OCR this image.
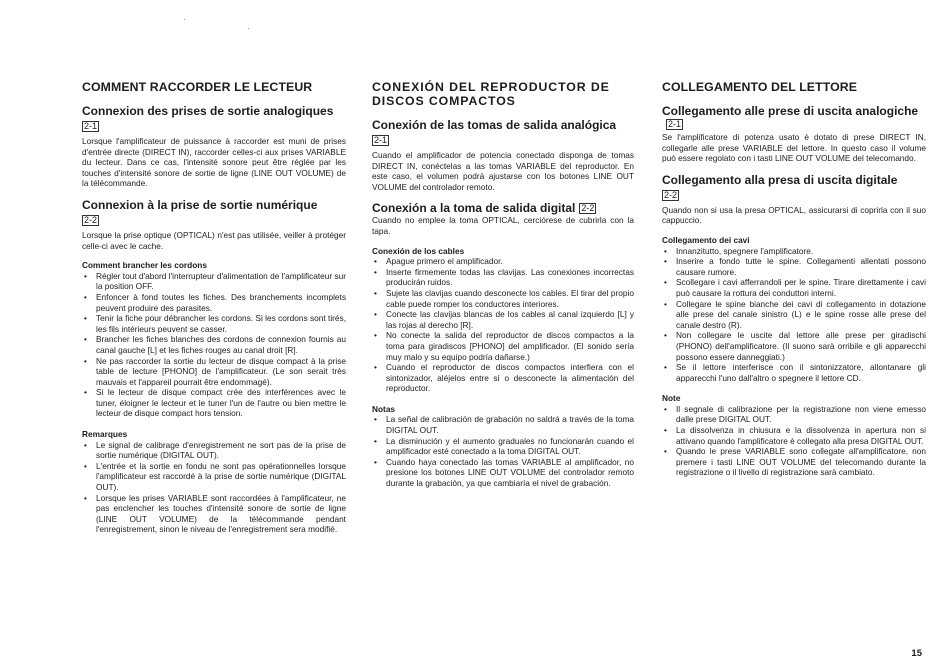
COMMENT RACCORDER LE LECTEUR
Connexion des prises de sortie analogiques
2-1

Lorsque l'amplificateur de puissance à raccorder est muni de prises d'entrée directe (DIRECT IN), raccorder celles-ci aux prises VARIABLE du lecteur. Dans ce cas, l'intensité sonore peut être réglée par les touches d'intensité sonore de sortie de ligne (LINE OUT VOLUME) de la télécommande.

Connexion à la prise de sortie numérique
2-2

Lorsque la prise optique (OPTICAL) n'est pas utilisée, veiller à protéger celle-ci avec le cache.

Comment brancher les cordons
• Régler tout d'abord l'interrupteur d'alimentation de l'amplificateur sur la position OFF.
• Enfoncer à fond toutes les fiches. Des branchements incomplets peuvent produire des parasites.
• Tenir la fiche pour débrancher les cordons. Si les cordons sont tirés, les fils intérieurs peuvent se casser.
• Brancher les fiches blanches des cordons de connexion fournis au canal gauche [L] et les fiches rouges au canal droit [R].
• Ne pas raccorder la sortie du lecteur de disque compact à la prise table de lecture [PHONO] de l'amplificateur. (Le son serait très mauvais et l'appareil pourrait être endommagé).
• Si le lecteur de disque compact crée des interférences avec le tuner, éloigner le lecteur et le tuner l'un de l'autre ou bien mettre le lecteur de disque compact hors tension.
Remarques
• Le signal de calibrage d'enregistrement ne sort pas de la prise de sortie numérique (DIGITAL OUT).
• L'entrée et la sortie en fondu ne sont pas opérationnelles lorsque l'amplificateur est raccordé à la prise de sortie numérique (DIGITAL OUT).
• Lorsque les prises VARIABLE sont raccordées à l'amplificateur, ne pas enclencher les touches d'intensité sonore de sortie de ligne (LINE OUT VOLUME) de la télécommande pendant l'enregistrement, sinon le niveau de l'enregistrement sera modifié.
CONEXIÓN DEL REPRODUCTOR DE DISCOS COMPACTOS
Conexión de las tomas de salida analógica
2-1

Cuando el amplificador de potencia conectado disponga de tomas DIRECT IN, conéctelas a las tomas VARIABLE del reproductor. En este caso, el volumen podrá ajustarse con los botones LINE OUT VOLUME del controlador remoto.

Conexión a la toma de salida digital 2-2

Cuando no emplee la toma OPTICAL, cerciórese de cubrirla con la tapa.

Conexión de los cables
• Apague primero el amplificador.
• Inserte firmemente todas las clavijas. Las conexiones incorrectas producirán ruidos.
• Sujete las clavijas cuando desconecte los cables. El tirar del propio cable puede romper los conductores interiores.
• Conecte las clavijas blancas de los cables al canal izquierdo [L] y las rojas al derecho [R].
• No conecte la salida del reproductor de discos compactos a la toma para giradiscos [PHONO] del amplificador. (El sonido sería muy malo y su equipo podría dañarse.)
• Cuando el reproductor de discos compactos interfiera con el sintonizador, aléjelos entre sí o desconecte la alimentación del reproductor.
Notas
• La señal de calibración de grabación no saldrá a través de la toma DIGITAL OUT.
• La disminución y el aumento graduales no funcionarán cuando el amplificador esté conectado a la toma DIGITAL OUT.
• Cuando haya conectado las tomas VARIABLE al amplificador, no presione los botones LINE OUT VOLUME del controlador remoto durante la grabación, ya que cambiaría el nivel de grabación.
COLLEGAMENTO DEL LETTORE
Collegamento alle prese di uscita analogiche2-1

Se l'amplificatore di potenza usato è dotato di prese DIRECT IN, collegarle alle prese VARIABLE del lettore. In questo caso il volume può essere regolato con i tasti LINE OUT VOLUME del telecomando.

Collegamento alla presa di uscita digitale
2-2

Quando non si usa la presa OPTICAL, assicurarsi di coprirla con il suo cappuccio.

Collegamento dei cavi
• Innanzitutto, spegnere l'amplificatore.
• Inserire a fondo tutte le spine. Collegamenti allentati possono causare rumore.
• Scollegare i cavi afferrandoli per le spine. Tirare direttamente i cavi può causare la rottura dei conduttori interni.
• Collegare le spine bianche dei cavi di collegamento in dotazione alle prese del canale sinistro (L) e le spine rosse alle prese del canale destro (R).
• Non collegare le uscite dal lettore alle prese per giradischi (PHONO) dell'amplificatore. (Il suono sarà orribile e gli apparecchi possono essere danneggiati.)
• Se il lettore interferisce con il sintonizzatore, allontanare gli apparecchi l'uno dall'altro o spegnere il lettore CD.
Note
• Il segnale di calibrazione per la registrazione non viene emesso dalle prese DIGITAL OUT.
• La dissolvenza in chiusura e la dissolvenza in apertura non si attivano quando l'amplificatore è collegato alla presa DIGITAL OUT.
• Quando le prese VARIABLE sono collegate all'amplificatore, non premere i tasti LINE OUT VOLUME del telecomando durante la registrazione o il livello di registrazione sarà cambiato.
15
